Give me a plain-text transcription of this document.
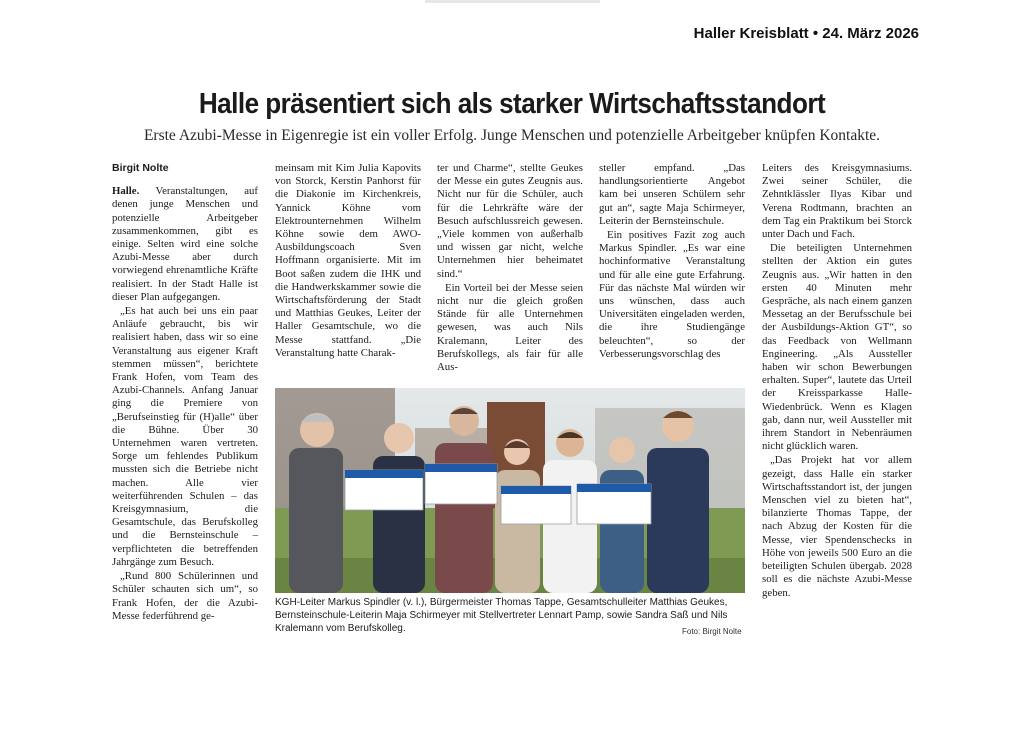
Haller Kreisblatt • 24. März 2026
Halle präsentiert sich als starker Wirtschaftsstandort
Erste Azubi-Messe in Eigenregie ist ein voller Erfolg. Junge Menschen und potenzielle Arbeitgeber knüpfen Kontakte.
Birgit Nolte

Halle. Veranstaltungen, auf denen junge Menschen und potenzielle Arbeitgeber zusammenkommen, gibt es einige. Selten wird eine solche Azubi-Messe aber durch vorwiegend ehrenamtliche Kräfte realisiert. In der Stadt Halle ist dieser Plan aufgegangen.

„Es hat auch bei uns ein paar Anläufe gebraucht, bis wir realisiert haben, dass wir so eine Veranstaltung aus eigener Kraft stemmen müssen“, berichtete Frank Hofen, vom Team des Azubi-Channels. Anfang Januar ging die Premiere von „Berufseinstieg für (H)alle“ über die Bühne. Über 30 Unternehmen waren vertreten. Sorge um fehlendes Publikum mussten sich die Betriebe nicht machen. Alle vier weiterführenden Schulen – das Kreisgymnasium, die Gesamtschule, das Berufskolleg und die Bernsteinschule – verpflichteten die betreffenden Jahrgänge zum Besuch.

„Rund 800 Schülerinnen und Schüler schauten sich um“, so Frank Hofen, der die Azubi-Messe federführend ge-

meinsam mit Kim Julia Kapovits von Storck, Kerstin Panhorst für die Diakonie im Kirchenkreis, Yannick Köhne vom Elektrounternehmen Wilhelm Köhne sowie dem AWO-Ausbildungscoach Sven Hoffmann organisierte. Mit im Boot saßen zudem die IHK und die Handwerkskammer sowie die Wirtschaftsförderung der Stadt und Matthias Geukes, Leiter der Haller Gesamtschule, wo die Messe stattfand. „Die Veranstaltung hatte Charak-

ter und Charme“, stellte Geukes der Messe ein gutes Zeugnis aus. Nicht nur für die Schüler, auch für die Lehrkräfte wäre der Besuch aufschlussreich gewesen. „Viele kommen von außerhalb und wissen gar nicht, welche Unternehmen hier beheimatet sind.“

Ein Vorteil bei der Messe seien nicht nur die gleich großen Stände für alle Unternehmen gewesen, was auch Nils Kralemann, Leiter des Berufskollegs, als fair für alle Aus-

steller empfand. „Das handlungsorientierte Angebot kam bei unseren Schülern sehr gut an“, sagte Maja Schirmeyer, Leiterin der Bernsteinschule.

Ein positives Fazit zog auch Markus Spindler. „Es war eine hochinformative Veranstaltung und für alle eine gute Erfahrung. Für das nächste Mal würden wir uns wünschen, dass auch Universitäten eingeladen werden, die ihre Studiengänge beleuchten“, so der Verbesserungsvorschlag des

Leiters des Kreisgymnasiums. Zwei seiner Schüler, die Zehntklässler Ilyas Kibar und Verena Rodtmann, brachten an dem Tag ein Praktikum bei Storck unter Dach und Fach.

Die beteiligten Unternehmen stellten der Aktion ein gutes Zeugnis aus. „Wir hatten in den ersten 40 Minuten mehr Gespräche, als nach einem ganzen Messetag an der Berufsschule bei der Ausbildungs-Aktion GT“, so das Feedback von Wellmann Engineering. „Als Aussteller haben wir schon Bewerbungen erhalten. Super“, lautete das Urteil der Kreissparkasse Halle-Wiedenbrück. Wenn es Klagen gab, dann nur, weil Aussteller mit ihrem Standort in Nebenräumen nicht glücklich waren.

„Das Projekt hat vor allem gezeigt, dass Halle ein starker Wirtschaftsstandort ist, der jungen Menschen viel zu bieten hat“, bilanzierte Thomas Tappe, der nach Abzug der Kosten für die Messe, vier Spendenschecks in Höhe von jeweils 500 Euro an die beteiligten Schulen übergab. 2028 soll es die nächste Azubi-Messe geben.

KGH-Leiter Markus Spindler (v. l.), Bürgermeister Thomas Tappe, Gesamtschulleiter Matthias Geukes, Bernsteinschule-Leiterin Maja Schirmeyer mit Stellvertreter Lennart Pamp, sowie Sandra Saß und Nils Kralemann vom Berufskolleg.	Foto: Birgit Nolte
